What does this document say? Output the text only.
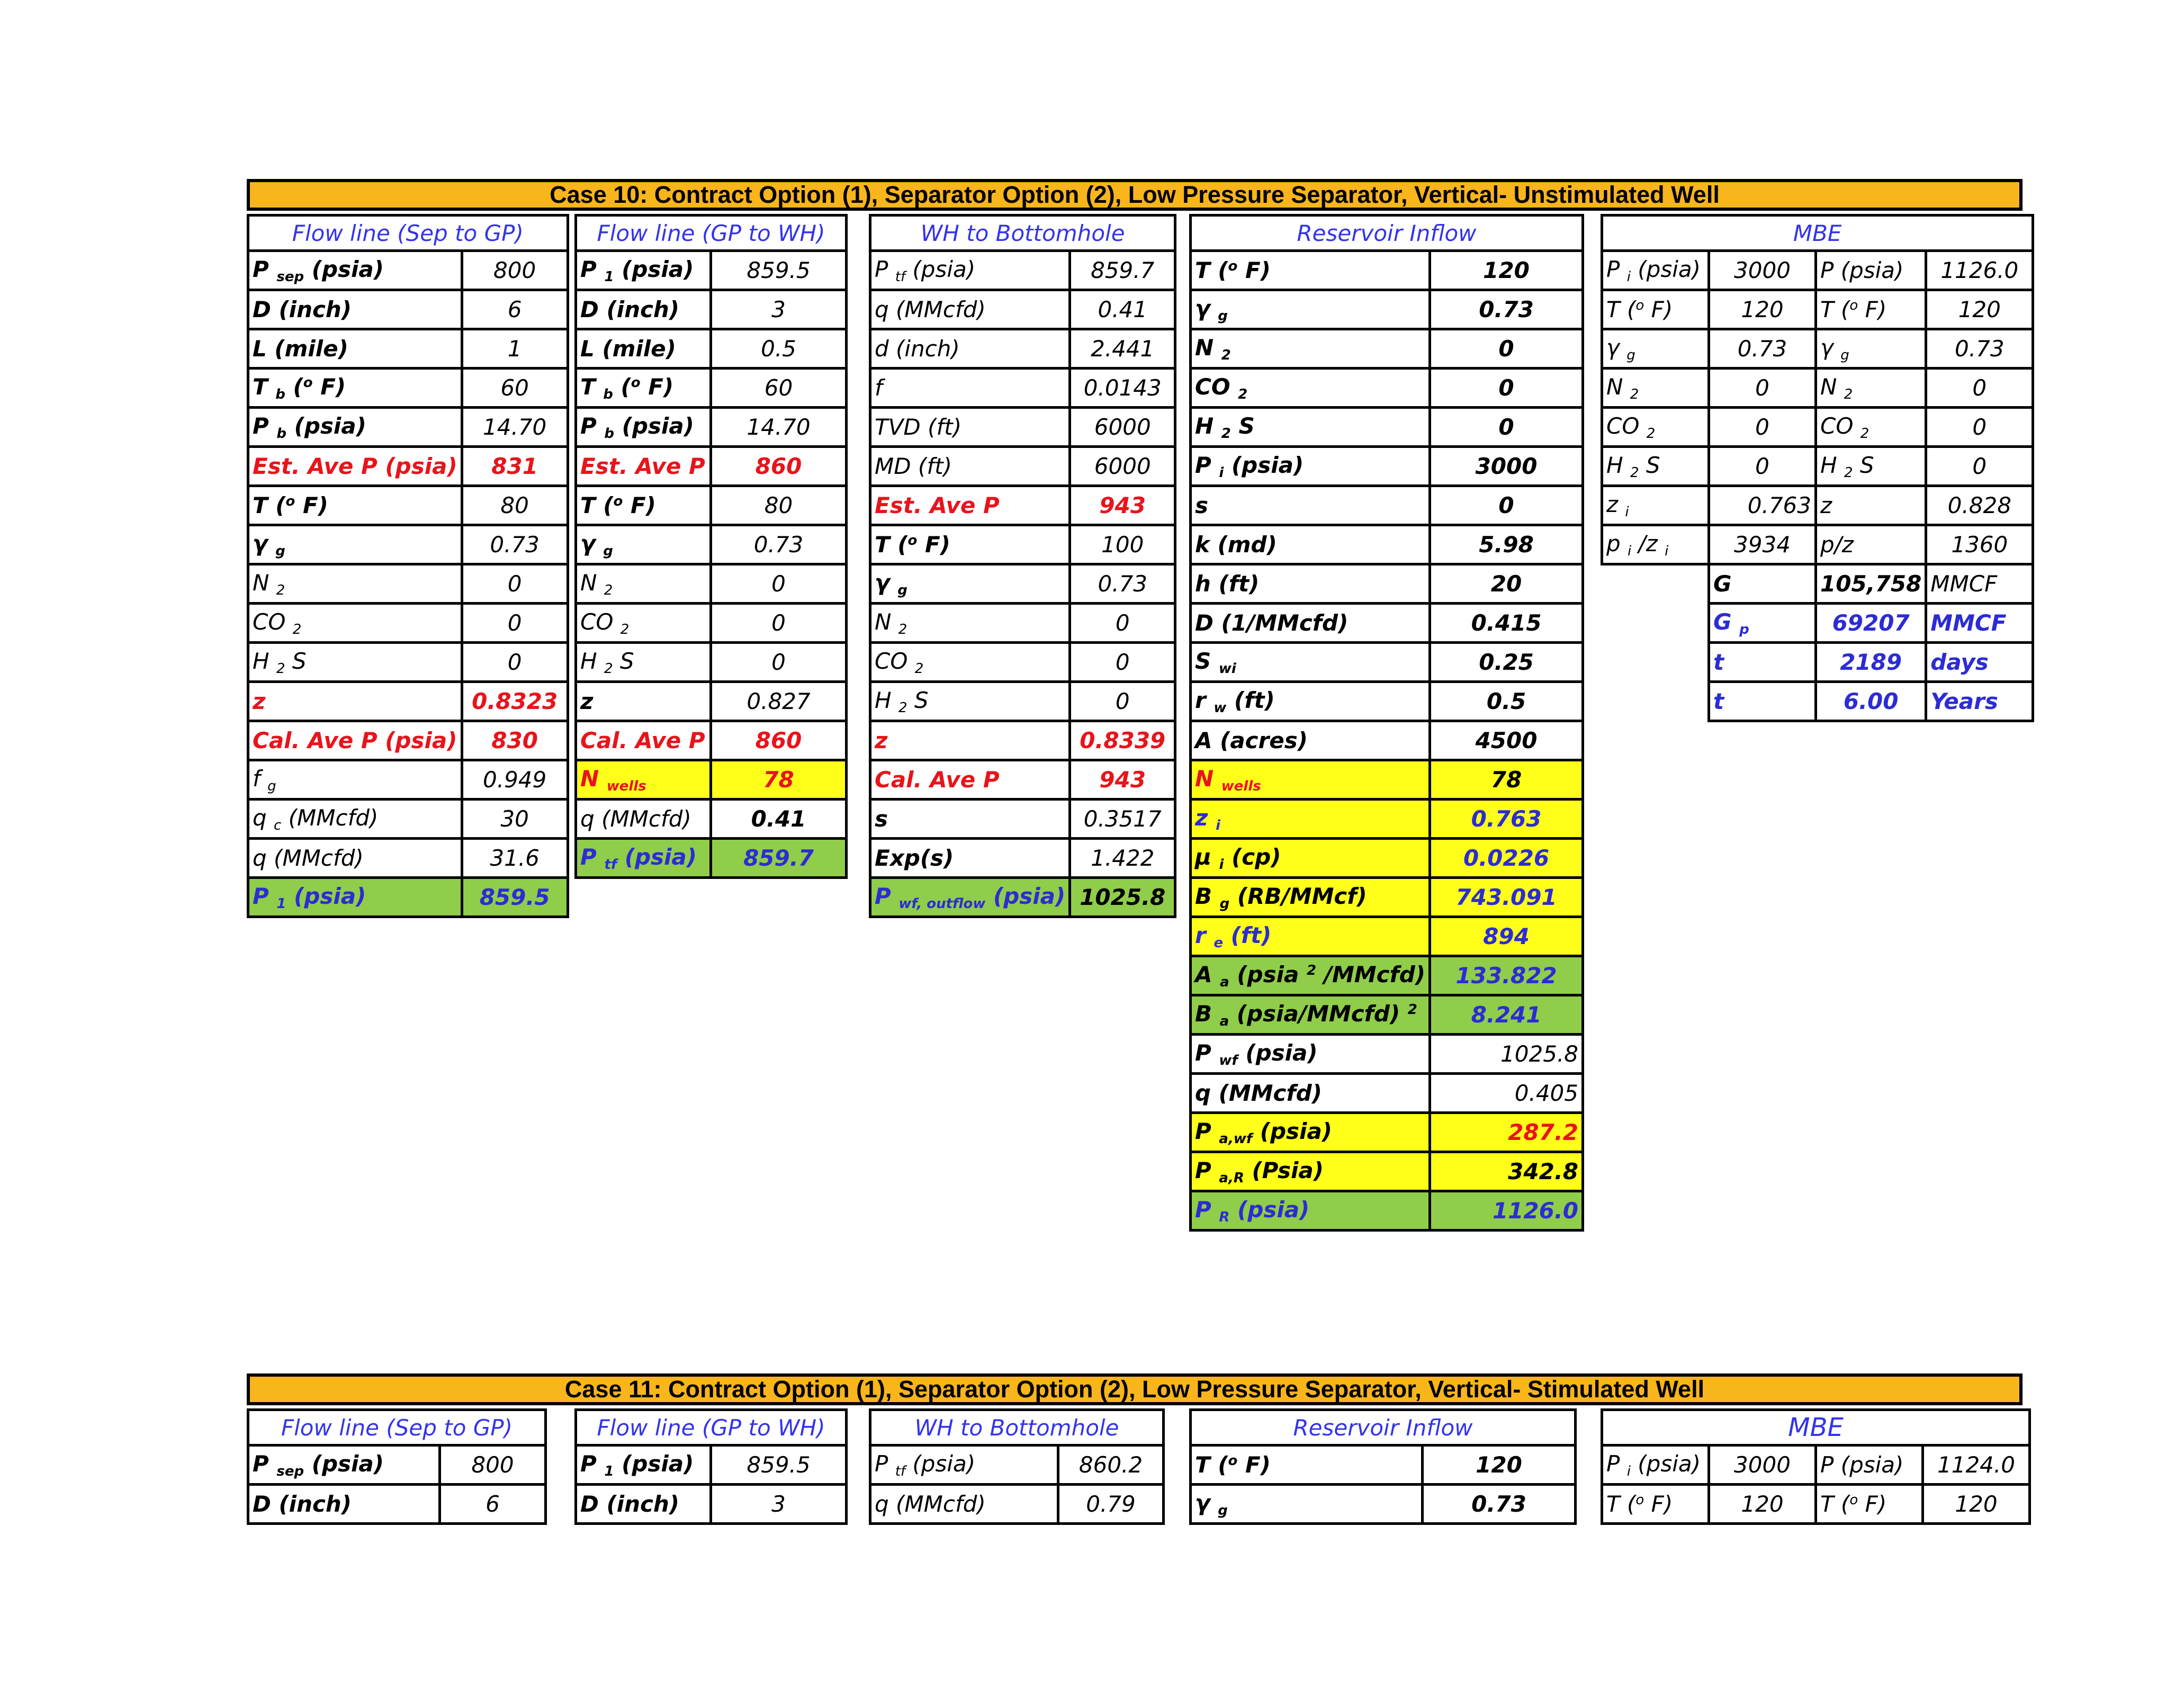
Case 10: Contract Option (1), Separator Option (2), Low Pressure Separator, Vertical- Unstimulated Well
Flow line (Sep to GP)	
P $_{sep}$ (psia)	800
D (inch)	6
L (mile)	1
T $_b$ ($^o$ F)	60
P $_b$ (psia)	14.70
Est. Ave P (psia)	831
T ($^o$ F)	80
γ $_g$	0.73
N $_2$	0
CO $_2$	0
H $_2$ S	0
z	0.8323
Cal. Ave P (psia)	830
f $_g$	0.949
q $_c$ (MMcfd)	30
q (MMcfd)	31.6
P $_1$ (psia)	859.5
Flow line (GP to WH)	
P $_1$ (psia)	859.5
D (inch)	3
L (mile)	0.5
T $_b$ ($^o$ F)	60
P $_b$ (psia)	14.70
Est. Ave P	860
T ($^o$ F)	80
γ $_g$	0.73
N $_2$	0
CO $_2$	0
H $_2$ S	0
z	0.827
Cal. Ave P	860
N $_{wells}$	78
q (MMcfd)	0.41
P $_{tf}$ (psia)	859.7
WH to Bottomhole	
P $_{tf}$ (psia)	859.7
q (MMcfd)	0.41
d (inch)	2.441
f	0.0143
TVD (ft)	6000
MD (ft)	6000
Est. Ave P	943
T ($^o$ F)	100
γ $_g$	0.73
N $_2$	0
CO $_2$	0
H $_2$ S	0
z	0.8339
Cal. Ave P	943
s	0.3517
Exp(s)	1.422
P $_{wf, outflow}$ (psia)	1025.8
Reservoir Inflow	
T ($^o$ F)	120
γ $_g$	0.73
N $_2$	0
CO $_2$	0
H $_2$ S	0
P $_i$ (psia)	3000
s	0
k (md)	5.98
h (ft)	20
D (1/MMcfd)	0.415
S $_{wi}$	0.25
r $_w$ (ft)	0.5
A (acres)	4500
N $_{wells}$	78
z $_i$	0.763
μ $_i$ (cp)	0.0226
B $_g$ (RB/MMcf)	743.091
r $_e$ (ft)	894
A $_a$ (psia $^2$ /MMcfd)	133.822
B $_a$ (psia/MMcfd) $^2$	8.241
P $_{wf}$ (psia)	1025.8
q (MMcfd)	0.405
P $_{a,wf}$ (psia)	287.2
P $_{a,R}$ (Psia)	342.8
P $_R$ (psia)	1126.0
MBE			
P $_i$ (psia)	3000	P (psia)	1126.0
T ($^o$ F)	120	T ($^o$ F)	120
γ $_g$	0.73	γ $_g$	0.73
N $_2$	0	N $_2$	0
CO $_2$	0	CO $_2$	0
H $_2$ S	0	H $_2$ S	0
z $_i$	0.763	z	0.828
p $_i$ /z $_i$	3934	p/z	1360
	G	105,758	MMCF
	G $_p$	69207	MMCF
	t	2189	days
	t	6.00	Years
Case 11: Contract Option (1), Separator Option (2), Low Pressure Separator, Vertical- Stimulated Well
Flow line (Sep to GP)	
P $_{sep}$ (psia)	800
D (inch)	6
Flow line (GP to WH)	
P $_1$ (psia)	859.5
D (inch)	3
WH to Bottomhole	
P $_{tf}$ (psia)	860.2
q (MMcfd)	0.79
Reservoir Inflow	
T ($^o$ F)	120
γ $_g$	0.73
MBE			
P $_i$ (psia)	3000	P (psia)	1124.0
T ($^o$ F)	120	T ($^o$ F)	120
